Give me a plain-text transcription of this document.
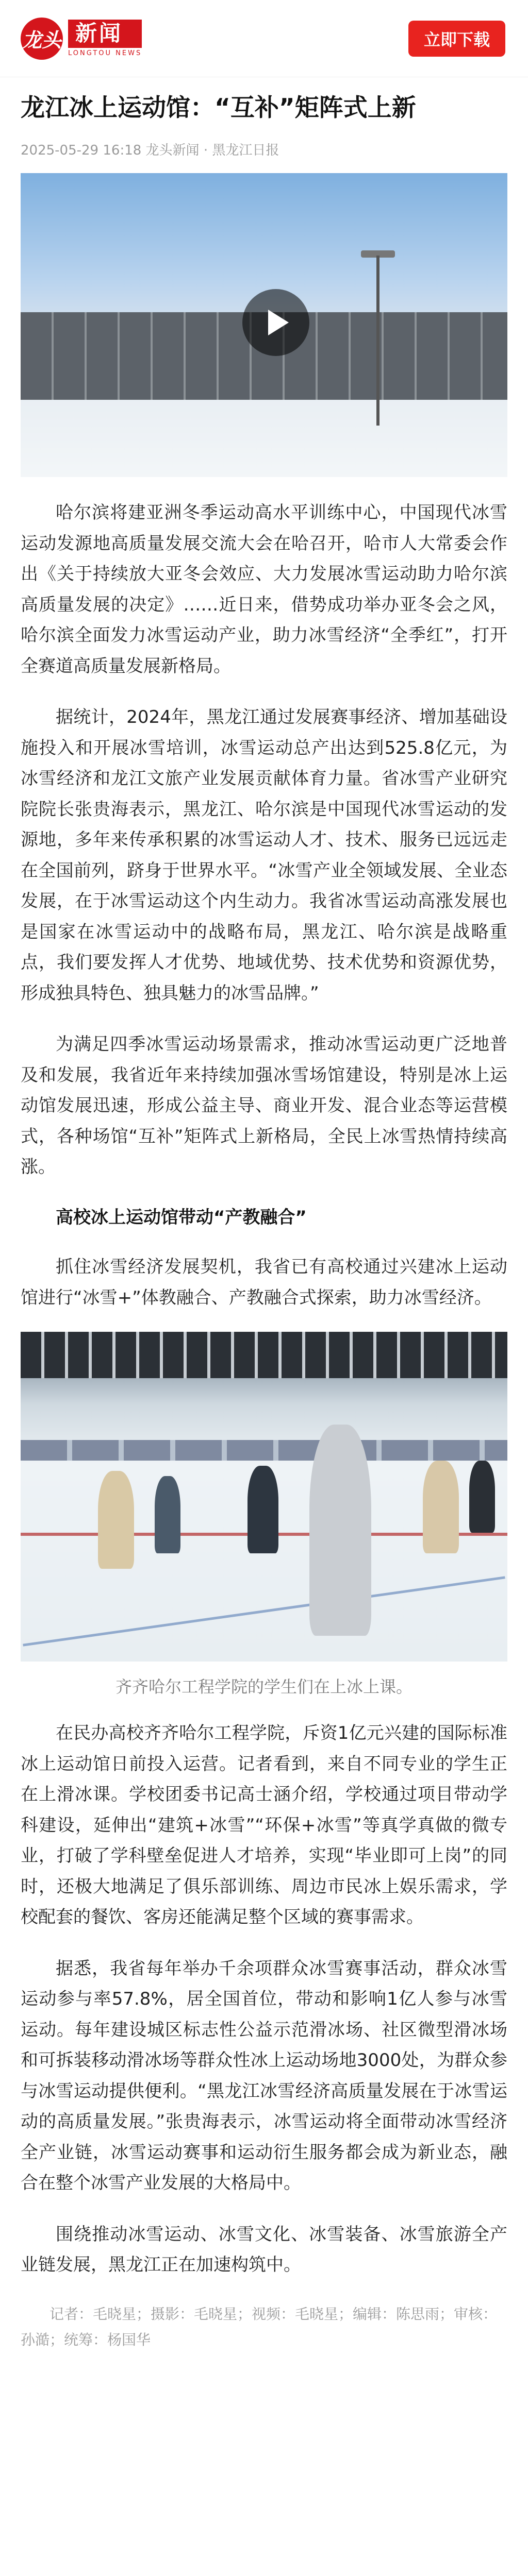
龙头 新闻
LONGTOU NEWS
立即下载
龙江冰上运动馆：“互补”矩阵式上新
2025-05-29 16:18 龙头新闻 · 黑龙江日报

哈尔滨将建亚洲冬季运动高水平训练中心，中国现代冰雪运动发源地高质量发展交流大会在哈召开，哈市人大常委会作出《关于持续放大亚冬会效应、大力发展冰雪运动助力哈尔滨高质量发展的决定》……近日来，借势成功举办亚冬会之风，哈尔滨全面发力冰雪运动产业，助力冰雪经济“全季红”，打开全赛道高质量发展新格局。

据统计，2024年，黑龙江通过发展赛事经济、增加基础设施投入和开展冰雪培训，冰雪运动总产出达到525.8亿元，为冰雪经济和龙江文旅产业发展贡献体育力量。省冰雪产业研究院院长张贵海表示，黑龙江、哈尔滨是中国现代冰雪运动的发源地，多年来传承积累的冰雪运动人才、技术、服务已远远走在全国前列，跻身于世界水平。“冰雪产业全领域发展、全业态发展，在于冰雪运动这个内生动力。我省冰雪运动高涨发展也是国家在冰雪运动中的战略布局，黑龙江、哈尔滨是战略重点，我们要发挥人才优势、地域优势、技术优势和资源优势，形成独具特色、独具魅力的冰雪品牌。”

为满足四季冰雪运动场景需求，推动冰雪运动更广泛地普及和发展，我省近年来持续加强冰雪场馆建设，特别是冰上运动馆发展迅速，形成公益主导、商业开发、混合业态等运营模式，各种场馆“互补”矩阵式上新格局，全民上冰雪热情持续高涨。

高校冰上运动馆带动“产教融合”

抓住冰雪经济发展契机，我省已有高校通过兴建冰上运动馆进行“冰雪+”体教融合、产教融合式探索，助力冰雪经济。

齐齐哈尔工程学院的学生们在上冰上课。

在民办高校齐齐哈尔工程学院，斥资1亿元兴建的国际标准冰上运动馆日前投入运营。记者看到，来自不同专业的学生正在上滑冰课。学校团委书记高士涵介绍，学校通过项目带动学科建设，延伸出“建筑+冰雪”“环保+冰雪”等真学真做的微专业，打破了学科壁垒促进人才培养，实现“毕业即可上岗”的同时，还极大地满足了俱乐部训练、周边市民冰上娱乐需求，学校配套的餐饮、客房还能满足整个区域的赛事需求。

据悉，我省每年举办千余项群众冰雪赛事活动，群众冰雪运动参与率57.8%，居全国首位，带动和影响1亿人参与冰雪运动。每年建设城区标志性公益示范滑冰场、社区微型滑冰场和可拆装移动滑冰场等群众性冰上运动场地3000处，为群众参与冰雪运动提供便利。“黑龙江冰雪经济高质量发展在于冰雪运动的高质量发展。”张贵海表示，冰雪运动将全面带动冰雪经济全产业链，冰雪运动赛事和运动衍生服务都会成为新业态，融合在整个冰雪产业发展的大格局中。

围绕推动冰雪运动、冰雪文化、冰雪装备、冰雪旅游全产业链发展，黑龙江正在加速构筑中。

记者：毛晓星；摄影：毛晓星；视频：毛晓星；编辑：陈思雨；审核：孙澔；统筹：杨国华
